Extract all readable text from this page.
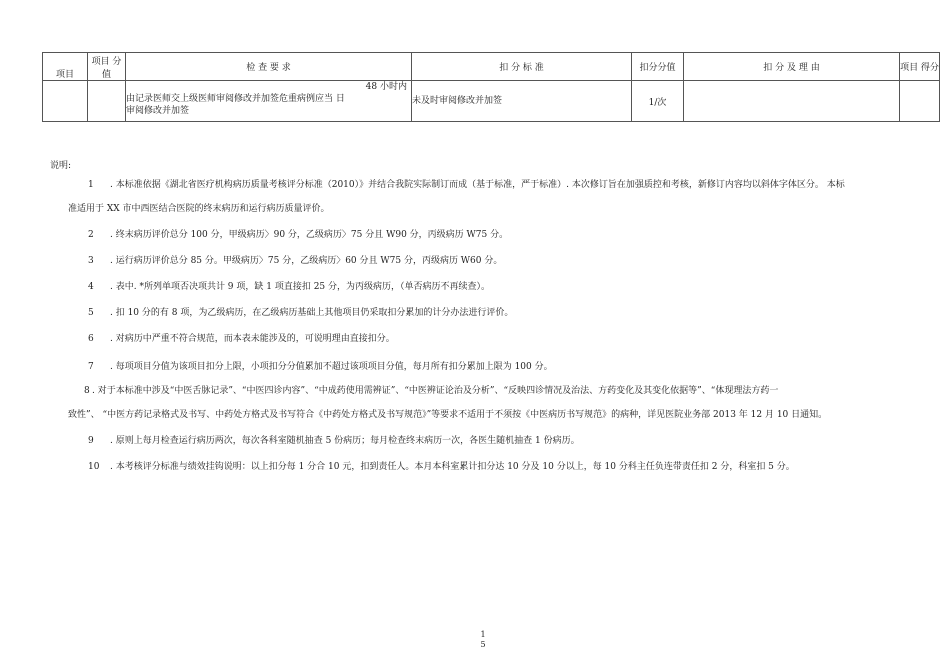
项目	项目 分值	检 查 要 求	扣 分 标 准	扣分分值	扣 分 及 理 由	项目 得分

		48 小时内
由记录医师交上级医师审阅修改并加签危重病例应当 日
审阅修改并加签	未及时审阅修改并加签	1/次		
说明:

1 . 本标准依据《湖北省医疗机构病历质量考核评分标准（2010）》并结合我院实际制订而成（基于标准，严于标准）. 本次修订旨在加强质控和考核，新修订内容均以斜体字体区分。 本标

准适用于 XX 市中西医结合医院的终末病历和运行病历质量评价。

2 . 终末病历评价总分 100 分，甲级病历〉90 分，乙级病历〉75 分且 W90 分，丙级病历 W75 分。

3 . 运行病历评价总分 85 分。甲级病历〉75 分，乙级病历〉60 分且 W75 分，丙级病历 W60 分。

4 . 表中. *所列单项否决项共计 9 项，缺 1 项直接扣 25 分，为丙级病历，（单否病历不再续查）。

5 . 扣 10 分的有 8 项，为乙级病历，在乙级病历基础上其他项目仍采取扣分累加的计分办法进行评价。

6 . 对病历中严重不符合规范，而本表未能涉及的，可说明理由直接扣分。

7 . 每项项目分值为该项目扣分上限，小项扣分分值累加不超过该项项目分值，每月所有扣分累加上限为 100 分。

8 . 对于本标准中涉及“中医舌脉记录”、“中医四诊内容”、“中成药使用需辨证”、“中医辨证论治及分析”、“反映四诊情况及治法、方药变化及其变化依据等”、“体现理法方药一

致性”、 “中医方药记录格式及书写、中药处方格式及书写符合《中药处方格式及书写规范》”等要求不适用于不须按《中医病历书写规范》的病种，详见医院业务部 2013 年 12 月 10 日通知。

9 . 原则上每月检查运行病历两次，每次各科室随机抽查 5 份病历；每月检查终末病历一次，各医生随机抽查 1 份病历。

10 . 本考核评分标准与绩效挂钩说明：以上扣分每 1 分合 10 元，扣到责任人。本月本科室累计扣分达 10 分及 10 分以上，每 10 分科主任负连带责任扣 2 分，科室扣 5 分。

1
5
